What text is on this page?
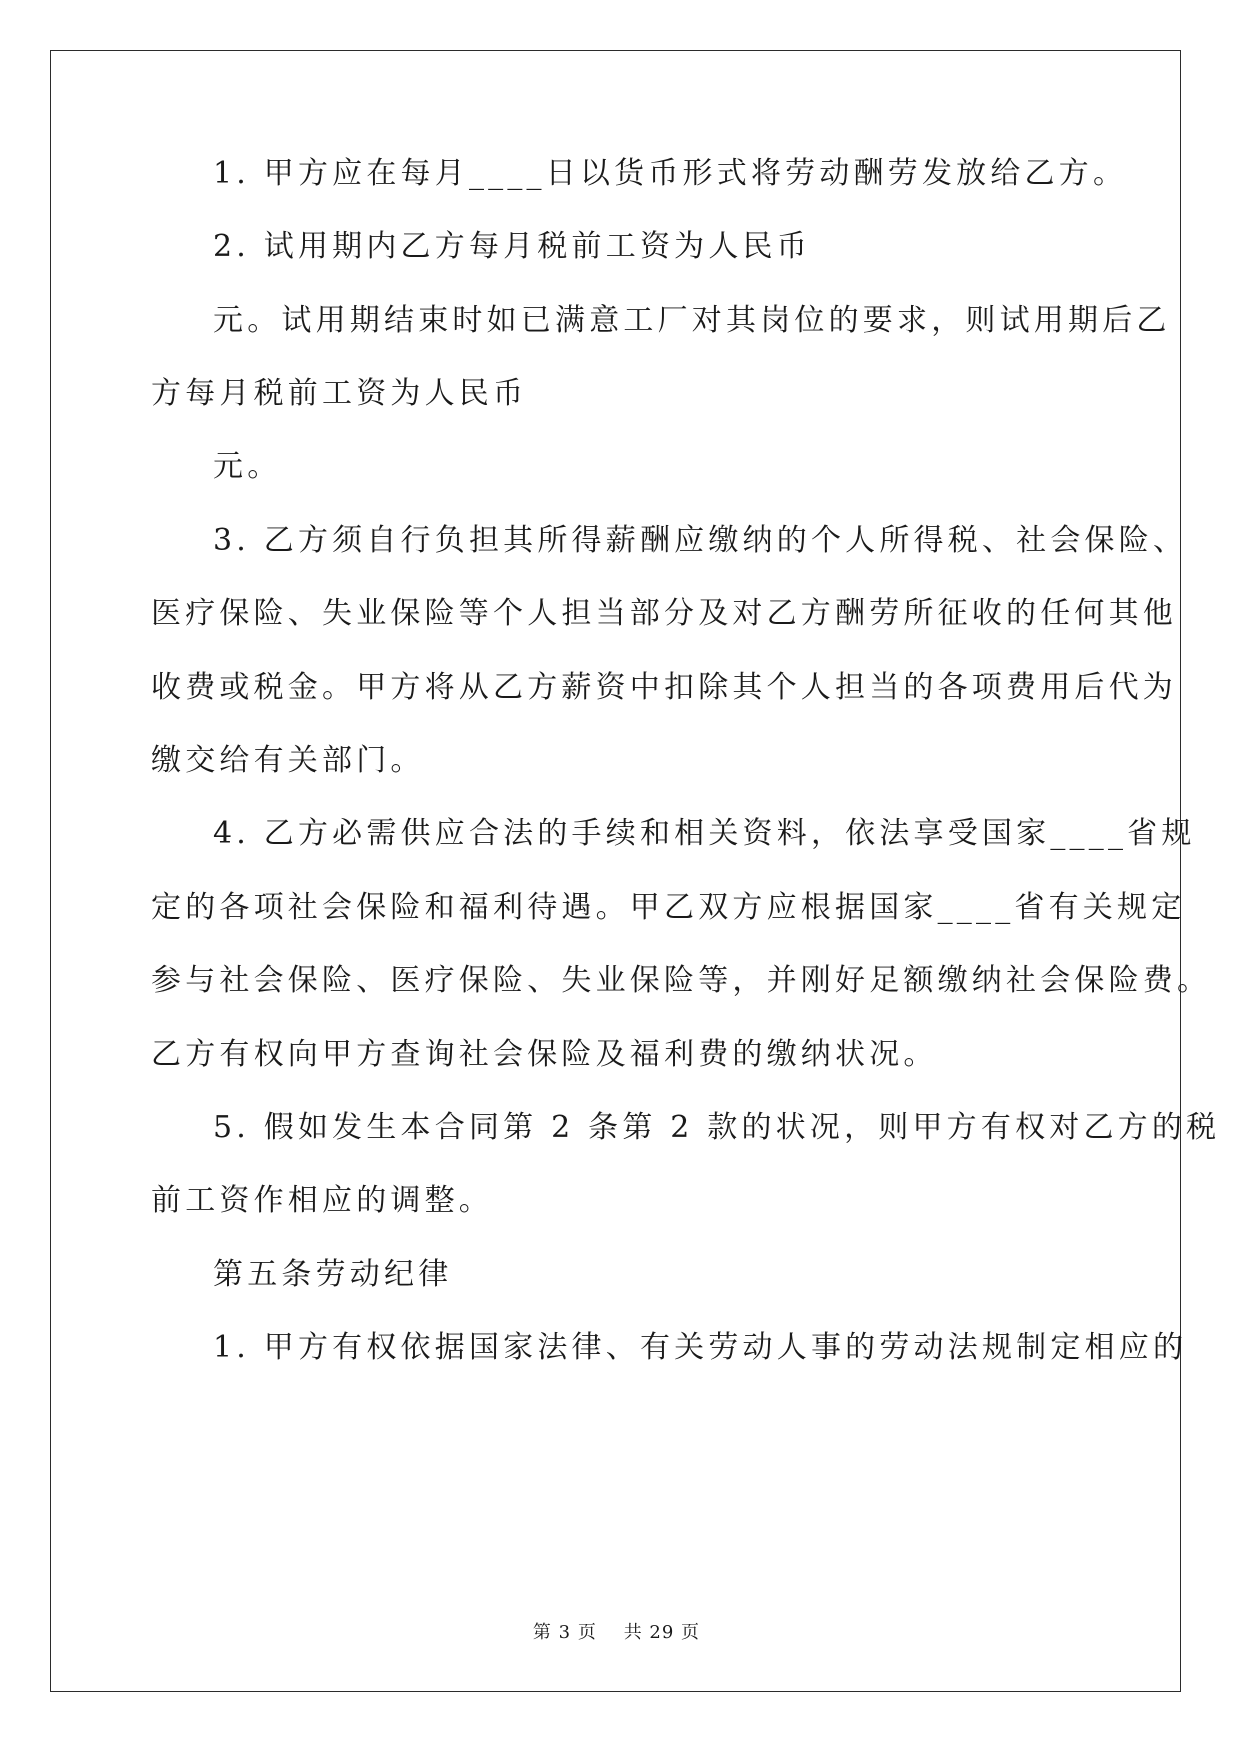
1. 甲方应在每月____日以货币形式将劳动酬劳发放给乙方。
2. 试用期内乙方每月税前工资为人民币
元。试用期结束时如已满意工厂对其岗位的要求，则试用期后乙
方每月税前工资为人民币
元。
3. 乙方须自行负担其所得薪酬应缴纳的个人所得税、社会保险、
医疗保险、失业保险等个人担当部分及对乙方酬劳所征收的任何其他
收费或税金。甲方将从乙方薪资中扣除其个人担当的各项费用后代为
缴交给有关部门。
4. 乙方必需供应合法的手续和相关资料，依法享受国家____省规
定的各项社会保险和福利待遇。甲乙双方应根据国家____省有关规定
参与社会保险、医疗保险、失业保险等，并刚好足额缴纳社会保险费。
乙方有权向甲方查询社会保险及福利费的缴纳状况。
5. 假如发生本合同第 2 条第 2 款的状况，则甲方有权对乙方的税
前工资作相应的调整。
第五条劳动纪律
1. 甲方有权依据国家法律、有关劳动人事的劳动法规制定相应的
第 3 页    共 29 页
